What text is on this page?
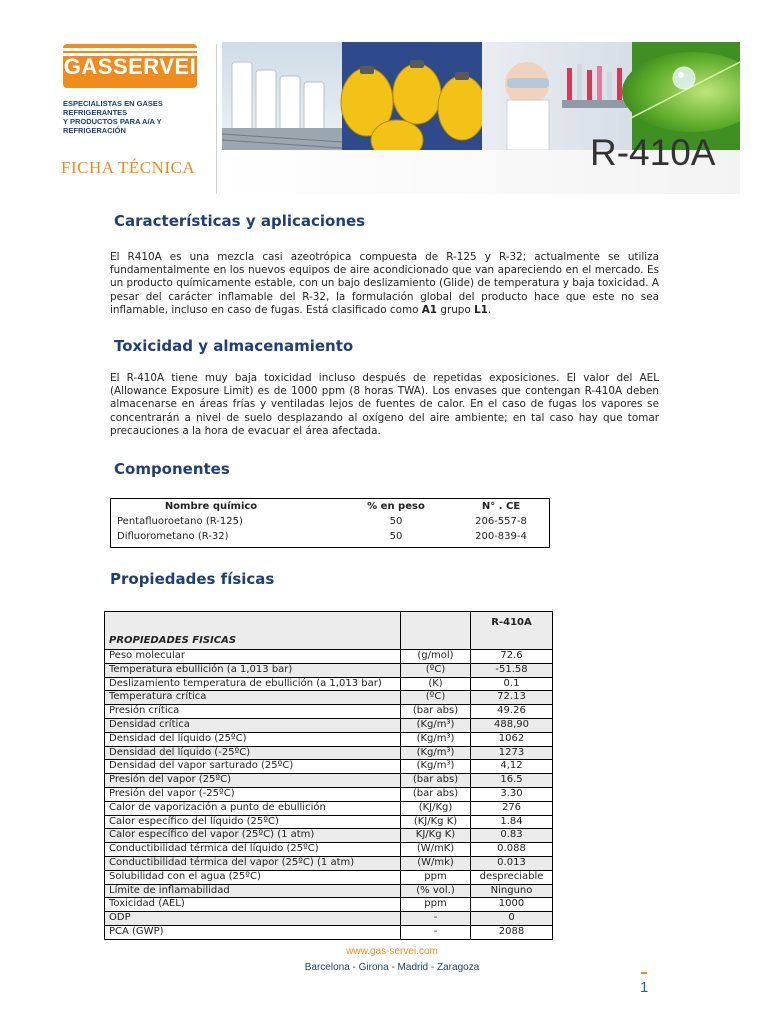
GASSERVEI
ESPECIALISTAS EN GASES REFRIGERANTES
Y PRODUCTOS PARA A/A Y REFRIGERACIÓN
FICHA TÉCNICA	R-410A
Características y aplicaciones
El R410A es una mezcla casi azeotrópica compuesta de R-125 y R-32; actualmente se utiliza fundamentalmente en los nuevos equipos de aire acondicionado que van apareciendo en el mercado. Es un producto químicamente estable, con un bajo deslizamiento (Glide) de temperatura y baja toxicidad. A pesar del carácter inflamable del R-32, la formulación global del producto hace que este no sea inflamable, incluso en caso de fugas. Está clasificado como A1 grupo L1.
Toxicidad y almacenamiento
El R-410A tiene muy baja toxicidad incluso después de repetidas exposiciones. El valor del AEL (Allowance Exposure Limit) es de 1000 ppm (8 horas TWA). Los envases que contengan R-410A deben almacenarse en áreas frías y ventiladas lejos de fuentes de calor. En el caso de fugas los vapores se concentrarán a nivel de suelo desplazando al oxígeno del aire ambiente; en tal caso hay que tomar precauciones a la hora de evacuar el área afectada.
Componentes
Nombre químico	% en peso	N° . CE
Pentafluoroetano (R-125)	50	206-557-8
Difluorometano (R-32)	50	200-839-4
Propiedades físicas
PROPIEDADES FISICAS		R-410A
Peso molecular	(g/mol)	72.6
Temperatura ebullición (a 1,013 bar)	(ºC)	-51.58
Deslizamiento temperatura de ebullición (a 1,013 bar)	(K)	0.1
Temperatura crítica	(ºC)	72.13
Presión crítica	(bar abs)	49.26
Densidad crítica	(Kg/m³)	488,90
Densidad del líquido (25ºC)	(Kg/m³)	1062
Densidad del líquido (-25ºC)	(Kg/m³)	1273
Densidad del vapor sarturado (25ºC)	(Kg/m³)	4,12
Presión del vapor (25ºC)	(bar abs)	16.5
Presión del vapor (-25ºC)	(bar abs)	3.30
Calor de vaporización a punto de ebullición	(KJ/Kg)	276
Calor específico del líquido (25ºC)	(KJ/Kg K)	1.84
Calor específico del vapor (25ºC) (1 atm)	KJ/Kg K)	0.83
Conductibilidad térmica del líquido (25ºC)	(W/mK)	0.088
Conductibilidad térmica del vapor (25ºC) (1 atm)	(W/mk)	0.013
Solubilidad con el agua (25ºC)	ppm	despreciable
Límite de inflamabilidad	(% vol.)	Ninguno
Toxicidad (AEL)	ppm	1000
ODP	-	0
PCA (GWP)	-	2088
www.gas-servei.com
Barcelona - Girona - Madrid - Zaragoza
1
